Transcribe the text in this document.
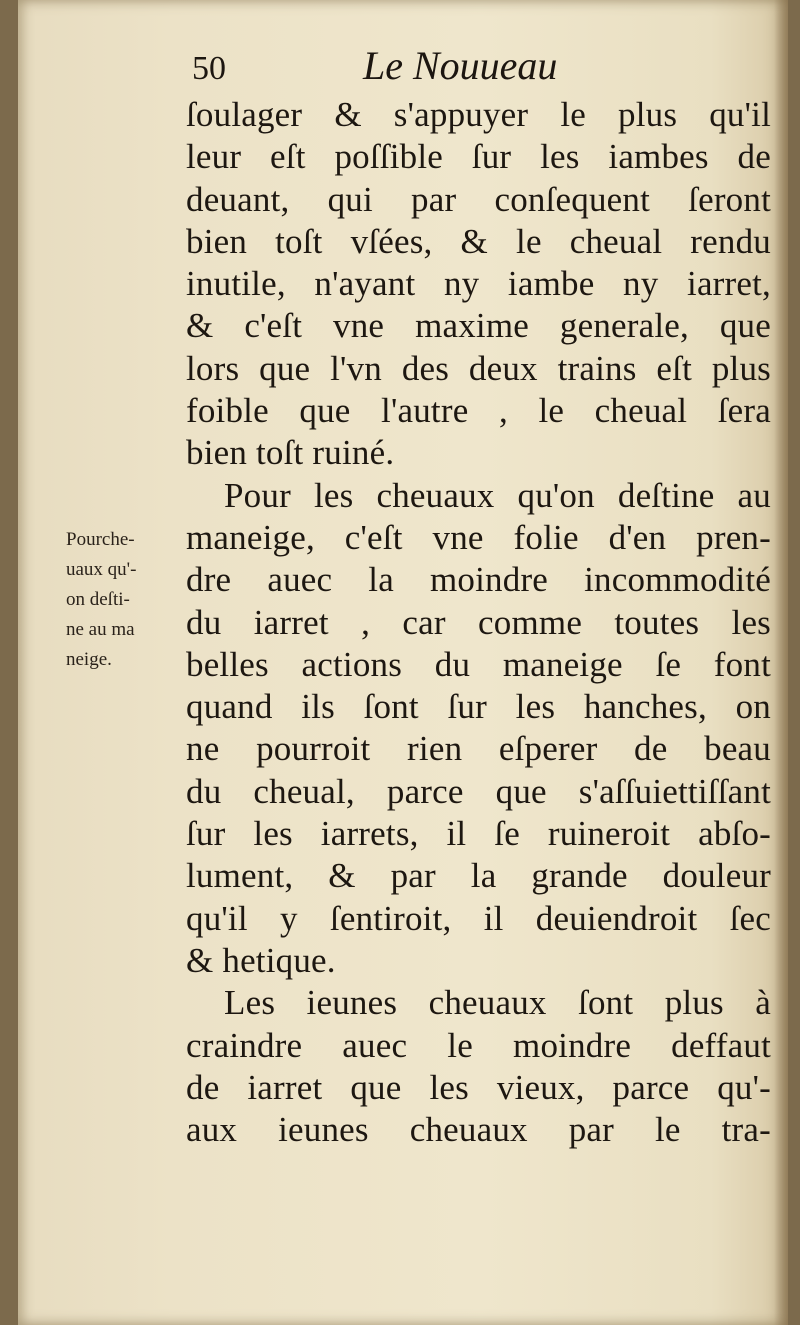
50	Le Nouueau
ſoulager & s'appuyer le plus qu'il
leur eſt poſſible ſur les iambes de
deuant, qui par conſequent ſeront
bien toſt vſées, & le cheual rendu
inutile, n'ayant ny iambe ny iarret,
& c'eſt vne maxime generale, que
lors que l'vn des deux trains eſt plus
foible que l'autre , le cheual ſera
bien toſt ruiné.
Pour les cheuaux qu'on deſtine au
maneige, c'eſt vne folie d'en pren-
dre auec la moindre incommodité
du iarret , car comme toutes les
belles actions du maneige ſe font
quand ils ſont ſur les hanches, on
ne pourroit rien eſperer de beau
du cheual, parce que s'aſſuiettiſſant
ſur les iarrets, il ſe ruineroit abſo-
lument, & par la grande douleur
qu'il y ſentiroit, il deuiendroit ſec
& hetique.
Les ieunes cheuaux ſont plus à
craindre auec le moindre deffaut
de iarret que les vieux, parce qu'-
aux ieunes cheuaux par le tra-
Pourche-
uaux qu'-
on deſti-
ne au ma
neige.
